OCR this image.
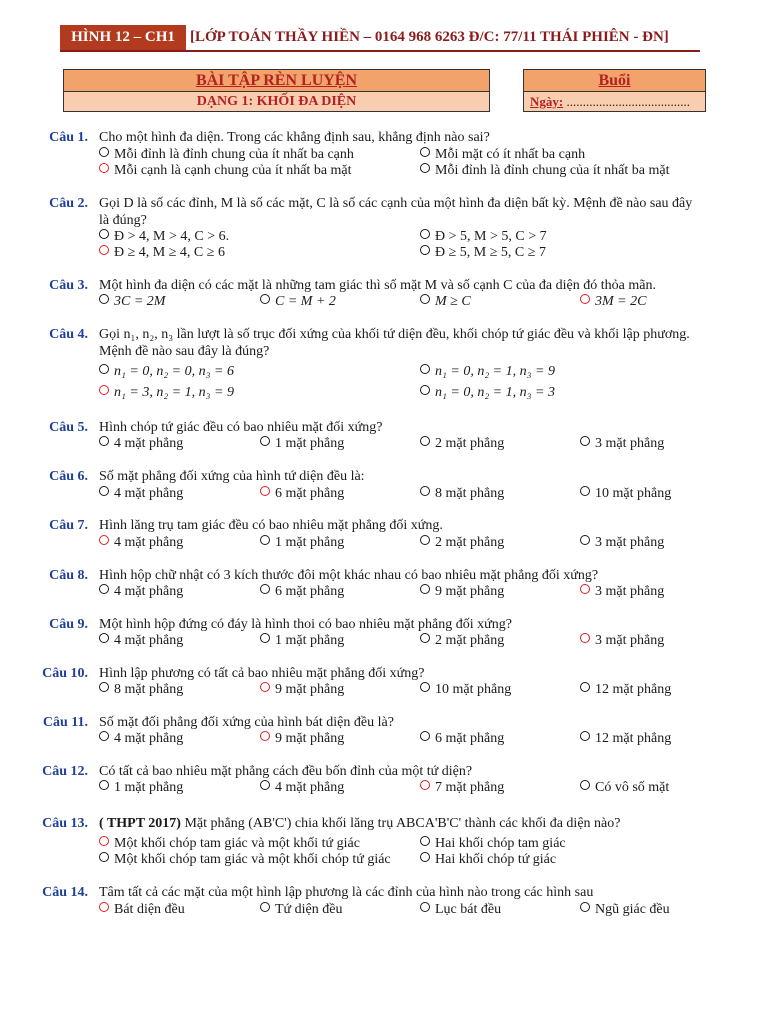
HÌNH 12 – CH1	[LỚP TOÁN THẦY HIỀN – 0164 968 6263 Đ/C: 77/11 THÁI PHIÊN - ĐN]
BÀI TẬP RÈN LUYỆN
DẠNG 1: KHỐI ĐA DIỆN
Buổi
Ngày: ......................................
Câu 1. Cho một hình đa diện. Trong các khẳng định sau, khẳng định nào sai?
Mỗi đỉnh là đỉnh chung của ít nhất ba cạnh	Mỗi mặt có ít nhất ba cạnh
Mỗi cạnh là cạnh chung của ít nhất ba mặt	Mỗi đỉnh là đỉnh chung của ít nhất ba mặt
Câu 2. Gọi D là số các đỉnh, M là số các mặt, C là số các cạnh của một hình đa diện bất kỳ. Mệnh đề nào sau đây là đúng?
Đ > 4, M > 4, C > 6.	Đ > 5, M > 5, C > 7
Đ ≥ 4, M ≥ 4, C ≥ 6	Đ ≥ 5, M ≥ 5, C ≥ 7
Câu 3. Một hình đa diện có các mặt là những tam giác thì số mặt M và số cạnh C của đa diện đó thỏa mãn.
3C = 2M	C = M + 2	M ≥ C	3M = 2C
Câu 4. Gọi n₁, n₂, n₃ lần lượt là số trục đối xứng của khối tứ diện đều, khối chóp tứ giác đều và khối lập phương. Mệnh đề nào sau đây là đúng?
n₁ = 0, n₂ = 0, n₃ = 6	n₁ = 0, n₂ = 1, n₃ = 9
n₁ = 3, n₂ = 1, n₃ = 9	n₁ = 0, n₂ = 1, n₃ = 3
Câu 5. Hình chóp tứ giác đều có bao nhiêu mặt đối xứng?
4 mặt phẳng	1 mặt phẳng	2 mặt phẳng	3 mặt phẳng
Câu 6. Số mặt phẳng đối xứng của hình tứ diện đều là:
4 mặt phẳng	6 mặt phẳng	8 mặt phẳng	10 mặt phẳng
Câu 7. Hình lăng trụ tam giác đều có bao nhiêu mặt phẳng đối xứng.
4 mặt phẳng	1 mặt phẳng	2 mặt phẳng	3 mặt phẳng
Câu 8. Hình hộp chữ nhật có 3 kích thước đôi một khác nhau có bao nhiêu mặt phẳng đối xứng?
4 mặt phẳng	6 mặt phẳng	9 mặt phẳng	3 mặt phẳng
Câu 9. Một hình hộp đứng có đáy là hình thoi có bao nhiêu mặt phẳng đối xứng?
4 mặt phẳng	1 mặt phẳng	2 mặt phẳng	3 mặt phẳng
Câu 10. Hình lập phương có tất cả bao nhiêu mặt phẳng đối xứng?
8 mặt phẳng	9 mặt phẳng	10 mặt phẳng	12 mặt phẳng
Câu 11. Số mặt đối phẳng đối xứng của hình bát diện đều là?
4 mặt phẳng	9 mặt phẳng	6 mặt phẳng	12 mặt phẳng
Câu 12. Có tất cả bao nhiêu mặt phẳng cách đều bốn đỉnh của một tứ diện?
1 mặt phẳng	4 mặt phẳng	7 mặt phẳng	Có vô số mặt
Câu 13. ( THPT 2017) Mặt phẳng (AB'C') chia khối lăng trụ ABCA'B'C' thành các khối đa diện nào?
Một khối chóp tam giác và một khối tứ giác	Hai khối chóp tam giác
Một khối chóp tam giác và một khối chóp tứ giác	Hai khối chóp tứ giác
Câu 14. Tâm tất cả các mặt của một hình lập phương là các đỉnh của hình nào trong các hình sau
Bát diện đều	Tứ diện đều	Lục bát đều	Ngũ giác đều
